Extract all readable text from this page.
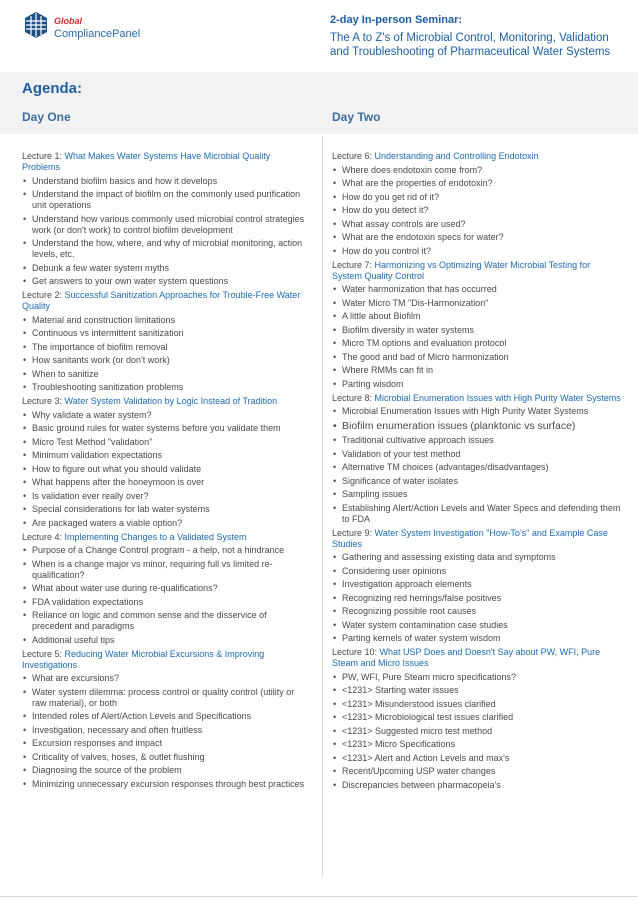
Global
CompliancePanel
2-day In-person Seminar:
The A to Z's of Microbial Control, Monitoring, Validation and Troubleshooting of Pharmaceutical Water Systems
Agenda:
Day One	Day Two
Lecture 1: What Makes Water Systems Have Microbial Quality Problems
• Understand biofilm basics and how it develops
• Understand the impact of biofilm on the commonly used purification unit operations
• Understand how various commonly used microbial control strategies work (or don't work) to control biofilm development
• Understand the how, where, and why of microbial monitoring, action levels, etc.
• Debunk a few water system myths
• Get answers to your own water system questions
Lecture 2: Successful Sanitization Approaches for Trouble-Free Water Quality
• Material and construction limitations
• Continuous vs intermittent sanitization
• The importance of biofilm removal
• How sanitants work (or don't work)
• When to sanitize
• Troubleshooting sanitization problems
Lecture 3: Water System Validation by Logic Instead of Tradition
• Why validate a water system?
• Basic ground rules for water systems before you validate them
• Micro Test Method "validation"
• Minimum validation expectations
• How to figure out what you should validate
• What happens after the honeymoon is over
• Is validation ever really over?
• Special considerations for lab water systems
• Are packaged waters a viable option?
Lecture 4: Implementing Changes to a Validated System
• Purpose of a Change Control program - a help, not a hindrance
• When is a change major vs minor, requiring full vs limited re-qualification?
• What about water use during re-qualifications?
• FDA validation expectations
• Reliance on logic and common sense and the disservice of precedent and paradigms
• Additional useful tips
Lecture 5: Reducing Water Microbial Excursions & Improving Investigations
• What are excursions?
• Water system dilemma: process control or quality control (utility or raw material), or both
• Intended roles of Alert/Action Levels and Specifications
• Investigation, necessary and often fruitless
• Excursion responses and impact
• Criticality of valves, hoses, & outlet flushing
• Diagnosing the source of the problem
• Minimizing unnecessary excursion responses through best practices
Lecture 6: Understanding and Controlling Endotoxin
• Where does endotoxin come from?
• What are the properties of endotoxin?
• How do you get rid of it?
• How do you detect it?
• What assay controls are used?
• What are the endotoxin specs for water?
• How do you control it?
Lecture 7: Harmonizing vs Optimizing Water Microbial Testing for System Quality Control
• Water harmonization that has occurred
• Water Micro TM "Dis-Harmonization"
• A little about Biofilm
• Biofilm diversity in water systems
• Micro TM options and evaluation protocol
• The good and bad of Micro harmonization
• Where RMMs can fit in
• Parting wisdom
Lecture 8: Microbial Enumeration Issues with High Purity Water Systems
• Microbial Enumeration Issues with High Purity Water Systems
• Biofilm enumeration issues (planktonic vs surface)
• Traditional cultivative approach issues
• Validation of your test method
• Alternative TM choices (advantages/disadvantages)
• Significance of water isolates
• Sampling issues
• Establishing Alert/Action Levels and Water Specs and defending them to FDA
Lecture 9: Water System Investigation "How-To's" and Example Case Studies
• Gathering and assessing existing data and symptoms
• Considering user opinions
• Investigation approach elements
• Recognizing red herrings/false positives
• Recognizing possible root causes
• Water system contamination case studies
• Parting kernels of water system wisdom
Lecture 10: What USP Does and Doesn't Say about PW, WFI, Pure Steam and Micro Issues
• PW, WFI, Pure Steam micro specifications?
• <1231> Starting water issues
• <1231> Misunderstood issues clarified
• <1231> Microbiological test issues clarified
• <1231> Suggested micro test method
• <1231> Micro Specifications
• <1231> Alert and Action Levels and max's
• Recent/Upcoming USP water changes
• Discrepancies between pharmacopeia's
